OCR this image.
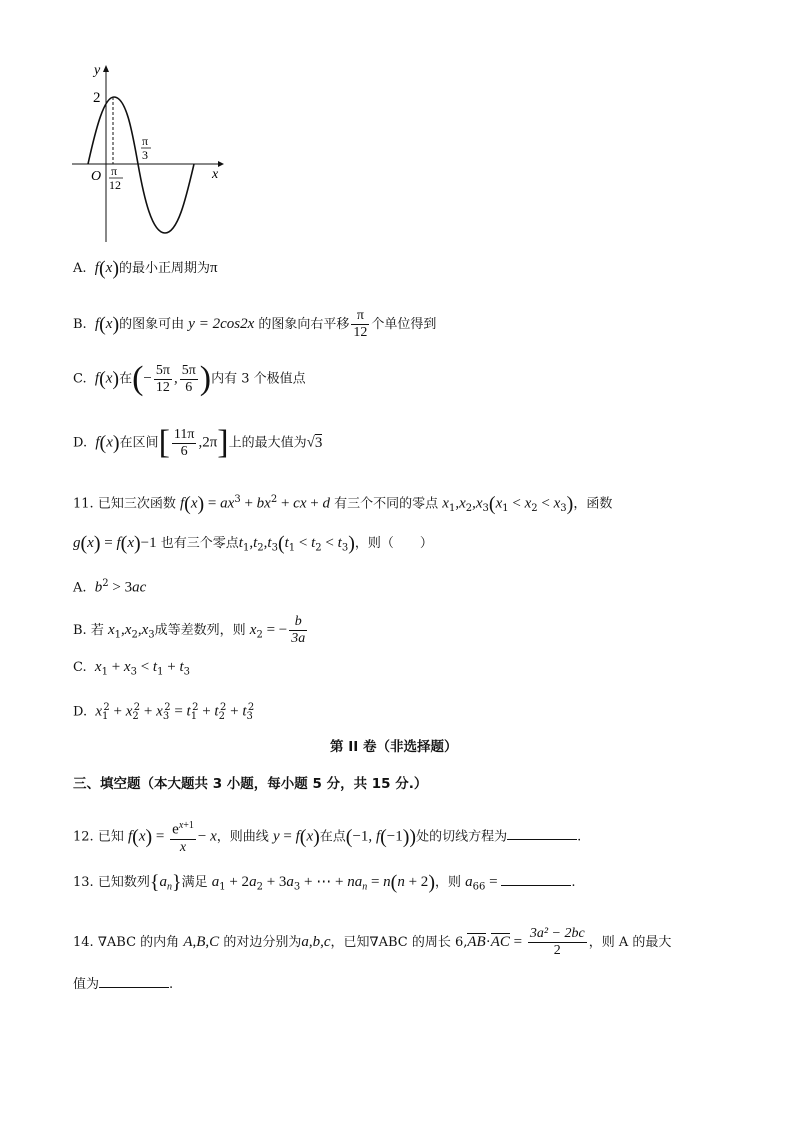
y
x
O
2
π
12
π
3
A. f(x)的最小正周期为π
B. f(x)的图象可由 y = 2cos2x 的图象向右平移 $\frac{\pi}{12}$ 个单位得到
C. f(x)在(− $\frac{5\pi}{12}$ , $\frac{5\pi}{6}$ )内有 3 个极值点
D. f(x)在区间[ $\frac{11\pi}{6} ,2\pi$]上的最大值为√3
11. 已知三次函数 $f(x) = ax^3 + bx^2$ + cx + d 有三个不同的零点 $x_1,x_2,x_3(x_1 < x_2 < x_3)$，函数
g(x) = f(x)−1 也有三个零点$t_1,t_2,t_3(t_1 < t_2 < t_3)$，则（　　）
A. $b^2 > 3ac$
B. 若 $x_1,x_2,x_3$成等差数列，则 $x_2$ = − $\frac{b}{3a}$
C. $x_1 + x_3 < t_1 + t_3$
D. $x_1^2 + x_2^2 + x_3^2 = t_1^2 + t_2^2 + t_3^2$
第 II 卷（非选择题）
三、填空题（本大题共 3 小题，每小题 5 分，共 15 分.）
12. 已知 $f(x) = \frac{e^{x+1}}{x} - x$，则曲线 y = f(x)在点(−1, f(−1))处的切线方程为	.
13. 已知数列$\{a_n\}$满足 $a_1 + 2a_2 + 3a_3$ + ⋯ + $na_n = n(n + 2)$，则 $a_{66}$ =	.
14. ∇ABC 的内角 A,B,C 的对边分别为a,b,c，已知∇ABC 的周长 $6,AB\cdot AC = \frac{\text{3a² − 2bc}}{2}$ ，则 A 的最大
值为	.
